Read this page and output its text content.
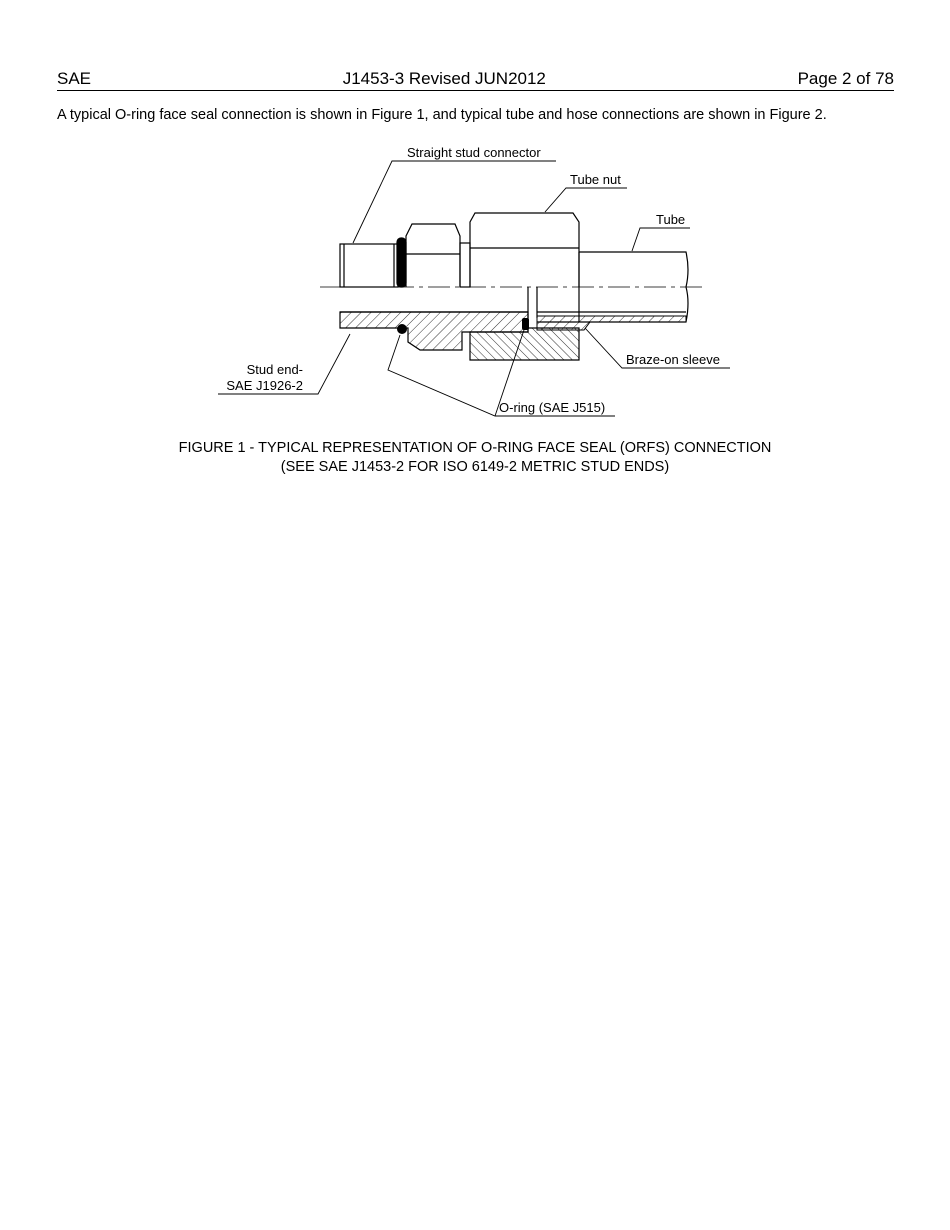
SAE	J1453-3 Revised JUN2012	Page 2 of 78
A typical O-ring face seal connection is shown in Figure 1, and typical tube and hose connections are shown in Figure 2.
Straight stud connector
Tube nut
Tube
Stud end-
SAE J1926-2
Braze-on sleeve
O-ring (SAE J515)
FIGURE 1 - TYPICAL REPRESENTATION OF O-RING FACE SEAL (ORFS) CONNECTION
(SEE SAE J1453-2 FOR ISO 6149-2 METRIC STUD ENDS)
